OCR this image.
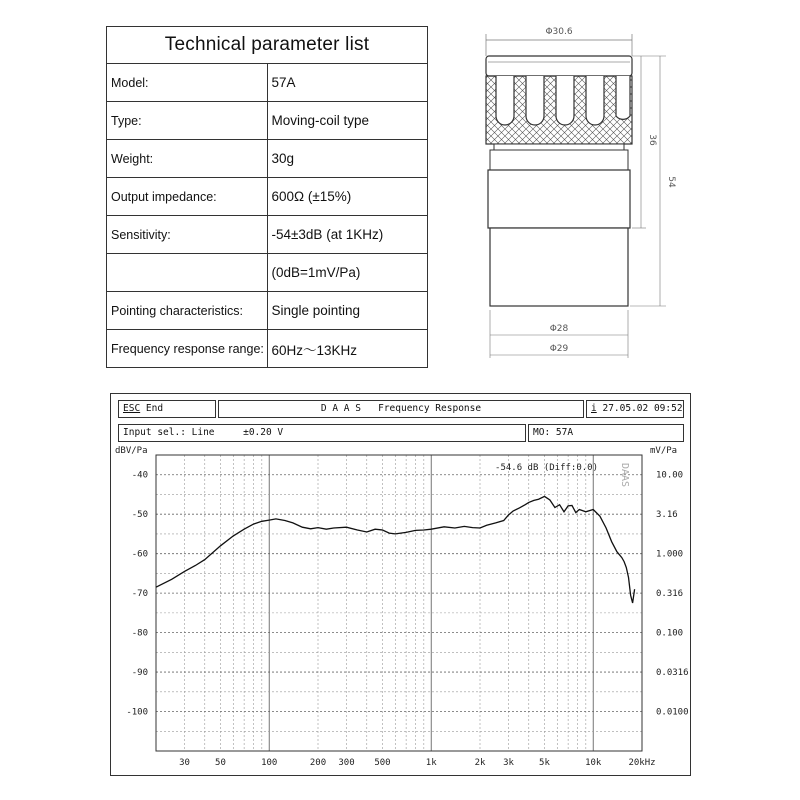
Technical parameter list	
Model:	57A
Type:	Moving-coil type
Weight:	30g
Output impedance:	600Ω (±15%)
Sensitivity:	-54±3dB (at 1KHz)
	(0dB=1mV/Pa)
Pointing characteristics:	Single pointing
Frequency response range:	60Hz～13KHz
Φ30.6
36
54
Φ28
Φ29
ESC End	D A A S   Frequency Response	i 27.05.02 09:52
Input sel.: Line     ±0.20 V	MO: 57A
30	50	100	200 300 500	1k	2k 3k	5k	10k	20kHz
-40
-50
-60
-70
-80
-90
-100
10.00
3.16
1.000
0.316
0.100
0.0316
0.0100
dBV/Pa	mV/Pa
-54.6 dB (Diff:0.0) DAAS
